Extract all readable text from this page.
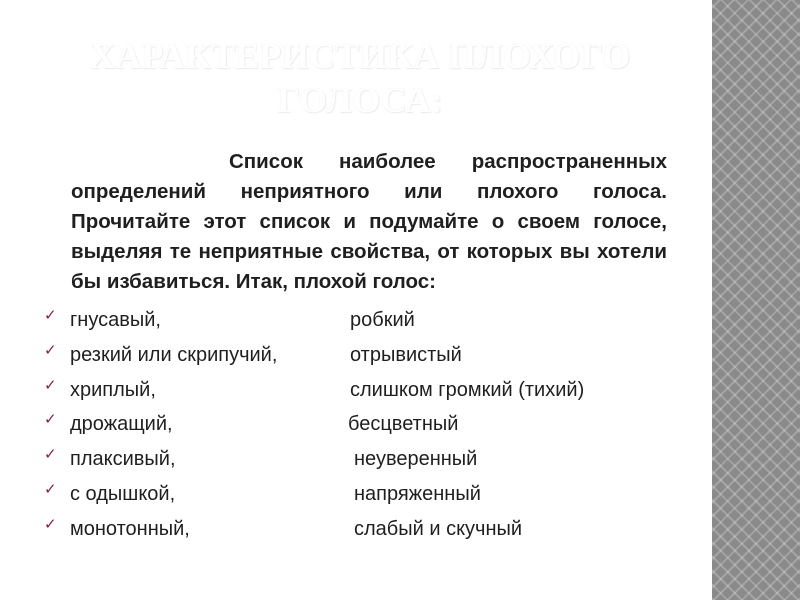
ХАРАКТЕРИСТИКА ПЛОХОГО
ГОЛОСА:

Список наиболее распространенных определений неприятного или плохого голоса. Прочитайте этот список и подумайте о своем голосе, выделяя те неприятные свойства, от которых вы хотели бы избавиться. Итак, плохой голос:

✓ гнусавый,	робкий
✓ резкий или скрипучий,	отрывистый
✓ хриплый,	слишком громкий (тихий)
✓ дрожащий,	бесцветный
✓ плаксивый,	неуверенный
✓ с одышкой,	напряженный
✓ монотонный,	слабый и скучный
